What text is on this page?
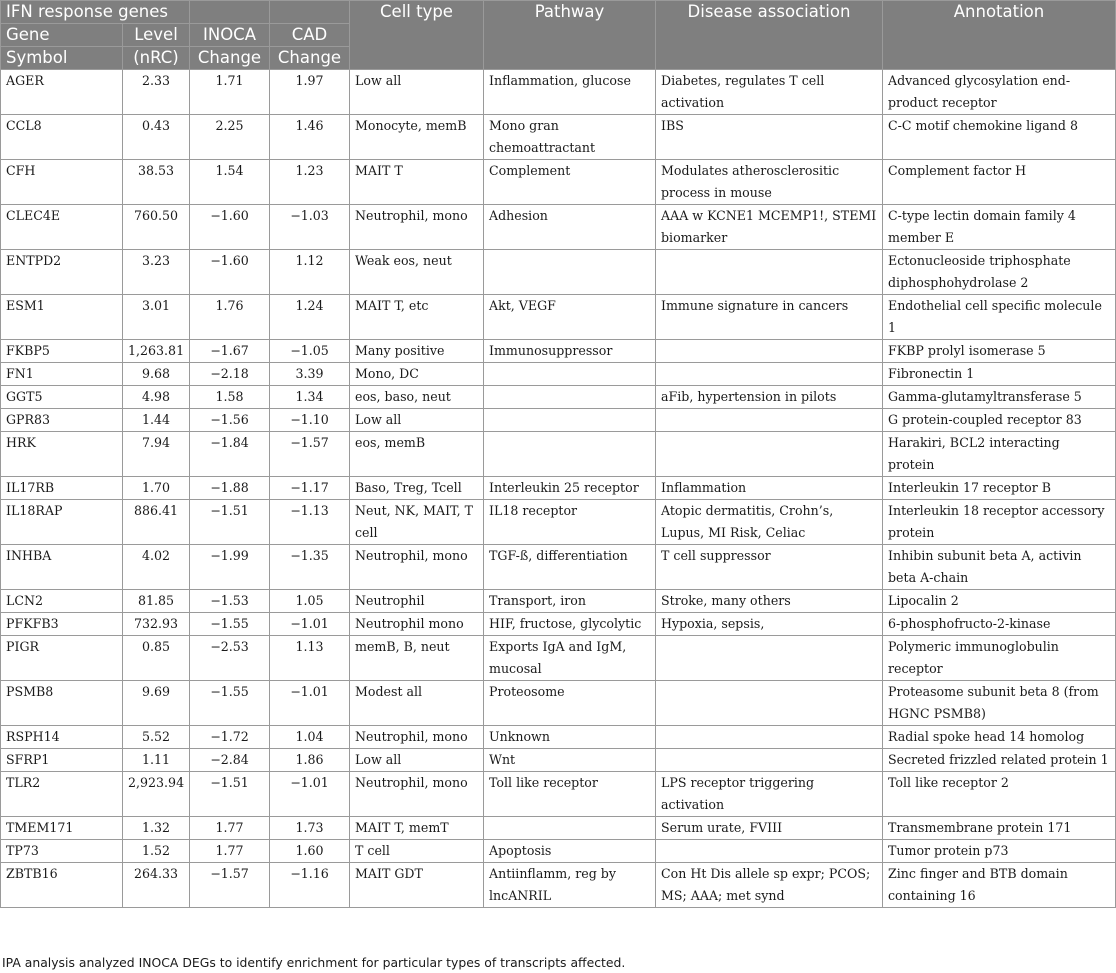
IFN response genes				Cell type	Pathway	Disease association	Annotation
Gene	Level	INOCA	CAD				
Symbol	(nRC)	Change	Change				
AGER	2.33	1.71	1.97	Low all	Inflammation, glucose	Diabetes, regulates T cell activation	Advanced glycosylation end-product receptor
CCL8	0.43	2.25	1.46	Monocyte, memB	Mono gran chemoattractant	IBS	C-C motif chemokine ligand 8
CFH	38.53	1.54	1.23	MAIT T	Complement	Modulates atherosclerositic process in mouse	Complement factor H
CLEC4E	760.50	−1.60	−1.03	Neutrophil, mono	Adhesion	AAA w KCNE1 MCEMP1!, STEMI biomarker	C-type lectin domain family 4 member E
ENTPD2	3.23	−1.60	1.12	Weak eos, neut			Ectonucleoside triphosphate diphosphohydrolase 2
ESM1	3.01	1.76	1.24	MAIT T, etc	Akt, VEGF	Immune signature in cancers	Endothelial cell specific molecule 1
FKBP5	1,263.81	−1.67	−1.05	Many positive	Immunosuppressor		FKBP prolyl isomerase 5
FN1	9.68	−2.18	3.39	Mono, DC			Fibronectin 1
GGT5	4.98	1.58	1.34	eos, baso, neut		aFib, hypertension in pilots	Gamma-glutamyltransferase 5
GPR83	1.44	−1.56	−1.10	Low all			G protein-coupled receptor 83
HRK	7.94	−1.84	−1.57	eos, memB			Harakiri, BCL2 interacting protein
IL17RB	1.70	−1.88	−1.17	Baso, Treg, Tcell	Interleukin 25 receptor	Inflammation	Interleukin 17 receptor B
IL18RAP	886.41	−1.51	−1.13	Neut, NK, MAIT, T cell	IL18 receptor	Atopic dermatitis, Crohn’s, Lupus, MI Risk, Celiac	Interleukin 18 receptor accessory protein
INHBA	4.02	−1.99	−1.35	Neutrophil, mono	TGF-ß, differentiation	T cell suppressor	Inhibin subunit beta A, activin beta A-chain
LCN2	81.85	−1.53	1.05	Neutrophil	Transport, iron	Stroke, many others	Lipocalin 2
PFKFB3	732.93	−1.55	−1.01	Neutrophil mono	HIF, fructose, glycolytic	Hypoxia, sepsis,	6-phosphofructo-2-kinase
PIGR	0.85	−2.53	1.13	memB, B, neut	Exports IgA and IgM, mucosal		Polymeric immunoglobulin receptor
PSMB8	9.69	−1.55	−1.01	Modest all	Proteosome		Proteasome subunit beta 8 (from HGNC PSMB8)
RSPH14	5.52	−1.72	1.04	Neutrophil, mono	Unknown		Radial spoke head 14 homolog
SFRP1	1.11	−2.84	1.86	Low all	Wnt		Secreted frizzled related protein 1
TLR2	2,923.94	−1.51	−1.01	Neutrophil, mono	Toll like receptor	LPS receptor triggering activation	Toll like receptor 2
TMEM171	1.32	1.77	1.73	MAIT T, memT		Serum urate, FVIII	Transmembrane protein 171
TP73	1.52	1.77	1.60	T cell	Apoptosis		Tumor protein p73
ZBTB16	264.33	−1.57	−1.16	MAIT GDT	Antiinflamm, reg by lncANRIL	Con Ht Dis allele sp expr; PCOS; MS; AAA; met synd	Zinc finger and BTB domain containing 16
IPA analysis analyzed INOCA DEGs to identify enrichment for particular types of transcripts affected.
